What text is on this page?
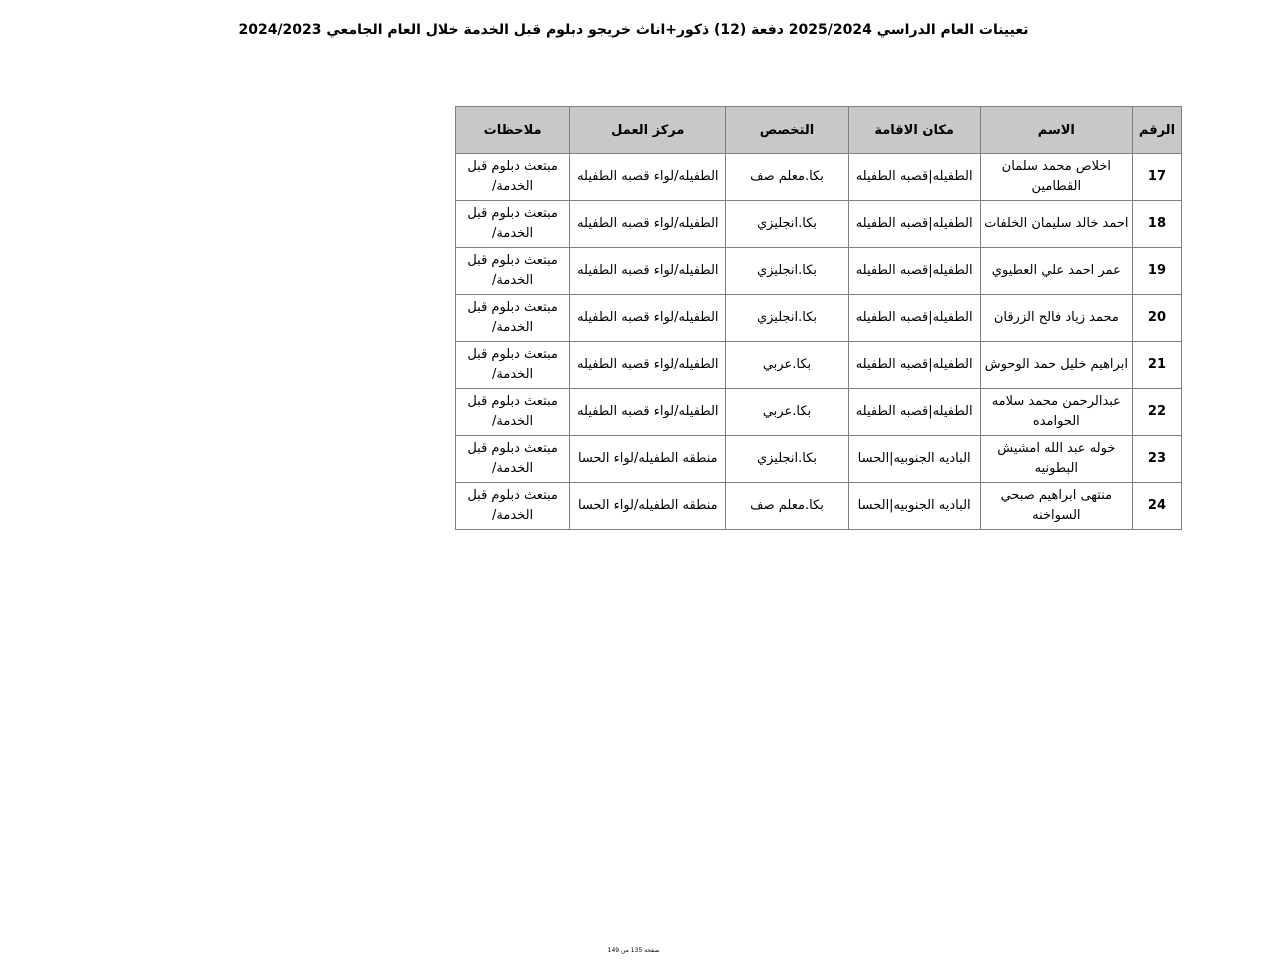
تعيينات العام الدراسي 2025/2024 دفعة (12) ذكور+اناث خريجو دبلوم قبل الخدمة خلال العام الجامعي 2024/2023
الرقم	الاسم	مكان الاقامة	التخصص	مركز العمل	ملاحظات
17	اخلاص محمد سلمان القطامين	الطفيله|قصبه الطفيله	بكا.معلم صف	الطفيله/لواء قصبه الطفيله	مبتعث دبلوم قبل الخدمة/
18	احمد خالد سليمان الخلفات	الطفيله|قصبه الطفيله	بكا.انجليزي	الطفيله/لواء قصبه الطفيله	مبتعث دبلوم قبل الخدمة/
19	عمر احمد علي العطيوي	الطفيله|قصبه الطفيله	بكا.انجليزي	الطفيله/لواء قصبه الطفيله	مبتعث دبلوم قبل الخدمة/
20	محمد زياد فالح الزرقان	الطفيله|قصبه الطفيله	بكا.انجليزي	الطفيله/لواء قصبه الطفيله	مبتعث دبلوم قبل الخدمة/
21	ابراهيم خليل حمد الوحوش	الطفيله|قصبه الطفيله	بكا.عربي	الطفيله/لواء قصبه الطفيله	مبتعث دبلوم قبل الخدمة/
22	عبدالرحمن محمد سلامه الحوامده	الطفيله|قصبه الطفيله	بكا.عربي	الطفيله/لواء قصبه الطفيله	مبتعث دبلوم قبل الخدمة/
23	خوله عبد الله امشيش البطونيه	الباديه الجنوبيه|الحسا	بكا.انجليزي	منطقه الطفيله/لواء الحسا	مبتعث دبلوم قبل الخدمة/
24	منتهى ابراهيم صبحي السواخنه	الباديه الجنوبيه|الحسا	بكا.معلم صف	منطقه الطفيله/لواء الحسا	مبتعث دبلوم قبل الخدمة/
صفحة 135 من 149
